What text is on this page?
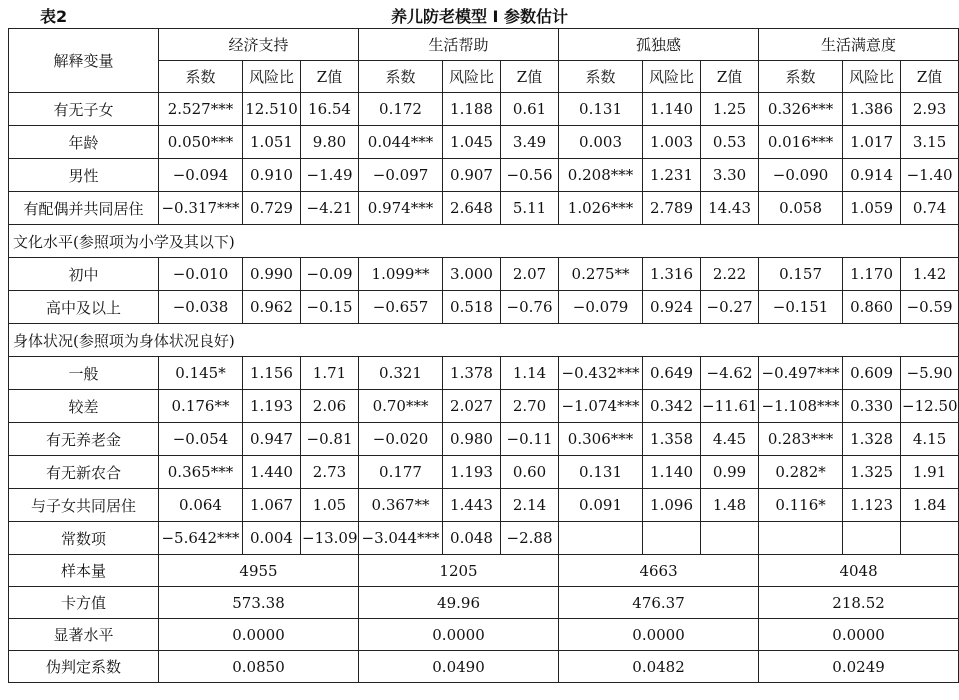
表2	养儿防老模型 I 参数估计
解释变量	经济支持			生活帮助			孤独感			生活满意度		
	系数	风险比	Z值	系数	风险比	Z值	系数	风险比	Z值	系数	风险比	Z值
有无子女	2.527***	12.510	16.54	0.172	1.188	0.61	0.131	1.140	1.25	0.326***	1.386	2.93
年龄	0.050***	1.051	9.80	0.044***	1.045	3.49	0.003	1.003	0.53	0.016***	1.017	3.15
男性	−0.094	0.910	−1.49	−0.097	0.907	−0.56	0.208***	1.231	3.30	−0.090	0.914	−1.40
有配偶并共同居住	−0.317***	0.729	−4.21	0.974***	2.648	5.11	1.026***	2.789	14.43	0.058	1.059	0.74
文化水平(参照项为小学及其以下)												
初中	−0.010	0.990	−0.09	1.099**	3.000	2.07	0.275**	1.316	2.22	0.157	1.170	1.42
高中及以上	−0.038	0.962	−0.15	−0.657	0.518	−0.76	−0.079	0.924	−0.27	−0.151	0.860	−0.59
身体状况(参照项为身体状况良好)												
一般	0.145*	1.156	1.71	0.321	1.378	1.14	−0.432***	0.649	−4.62	−0.497***	0.609	−5.90
较差	0.176**	1.193	2.06	0.70***	2.027	2.70	−1.074***	0.342	−11.61	−1.108***	0.330	−12.50
有无养老金	−0.054	0.947	−0.81	−0.020	0.980	−0.11	0.306***	1.358	4.45	0.283***	1.328	4.15
有无新农合	0.365***	1.440	2.73	0.177	1.193	0.60	0.131	1.140	0.99	0.282*	1.325	1.91
与子女共同居住	0.064	1.067	1.05	0.367**	1.443	2.14	0.091	1.096	1.48	0.116*	1.123	1.84
常数项	−5.642***	0.004	−13.09	−3.044***	0.048	−2.88						
样本量	4955			1205			4663			4048		
卡方值	573.38			49.96			476.37			218.52		
显著水平	0.0000			0.0000			0.0000			0.0000		
伪判定系数	0.0850			0.0490			0.0482			0.0249		
